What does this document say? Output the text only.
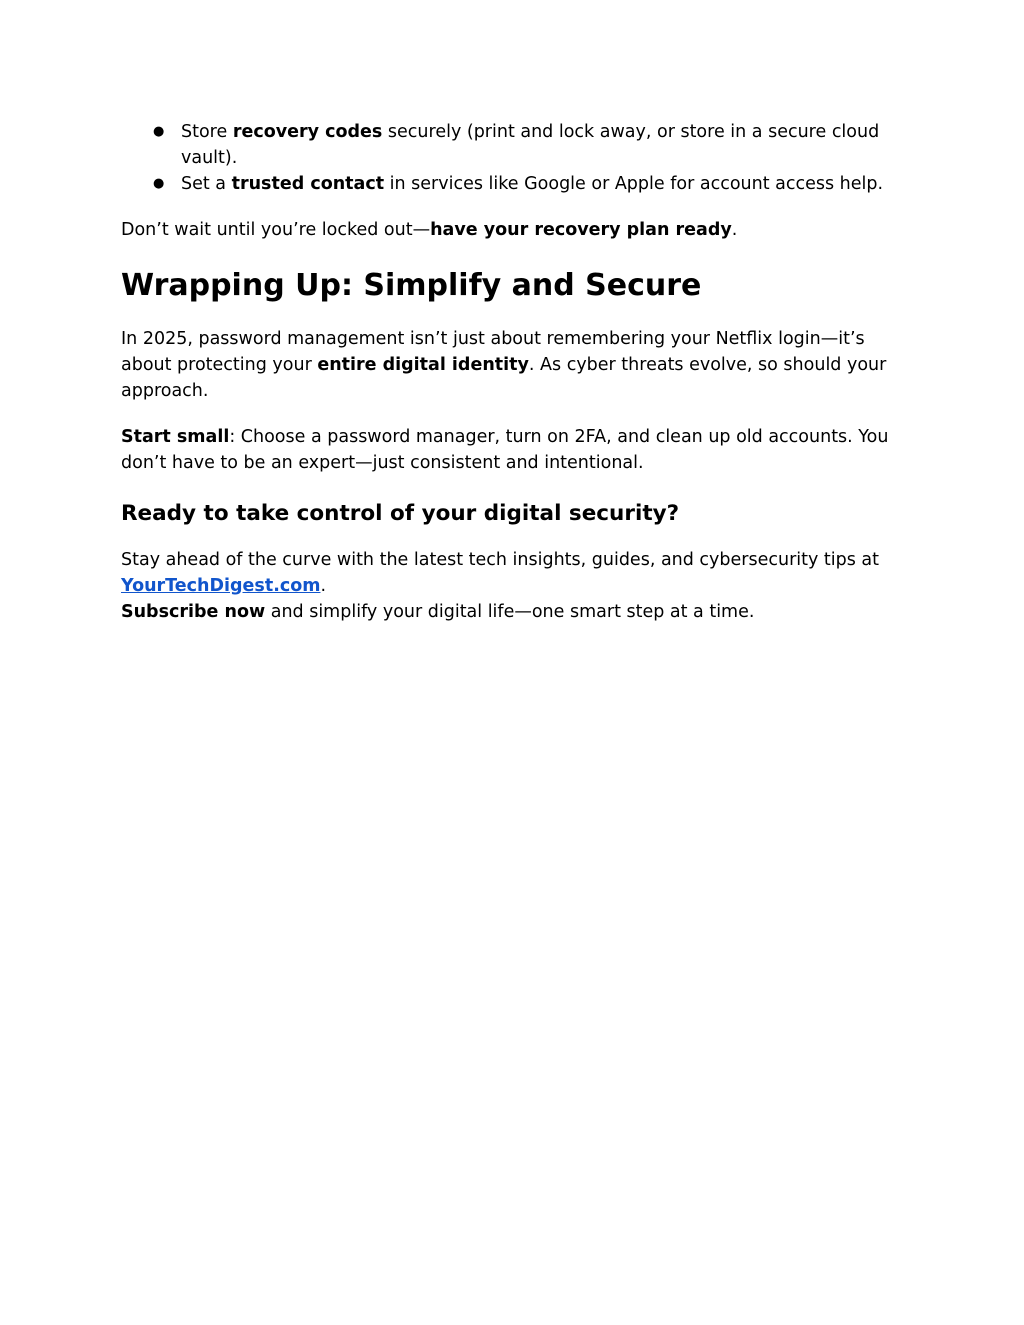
● Store recovery codes securely (print and lock away, or store in a secure cloud vault).
● Set a trusted contact in services like Google or Apple for account access help.

Don’t wait until you’re locked out—have your recovery plan ready.

Wrapping Up: Simplify and Secure

In 2025, password management isn’t just about remembering your Netflix login—it’s about protecting your entire digital identity. As cyber threats evolve, so should your approach.

Start small: Choose a password manager, turn on 2FA, and clean up old accounts. You don’t have to be an expert—just consistent and intentional.

Ready to take control of your digital security?

Stay ahead of the curve with the latest tech insights, guides, and cybersecurity tips at YourTechDigest.com.
Subscribe now and simplify your digital life—one smart step at a time.
